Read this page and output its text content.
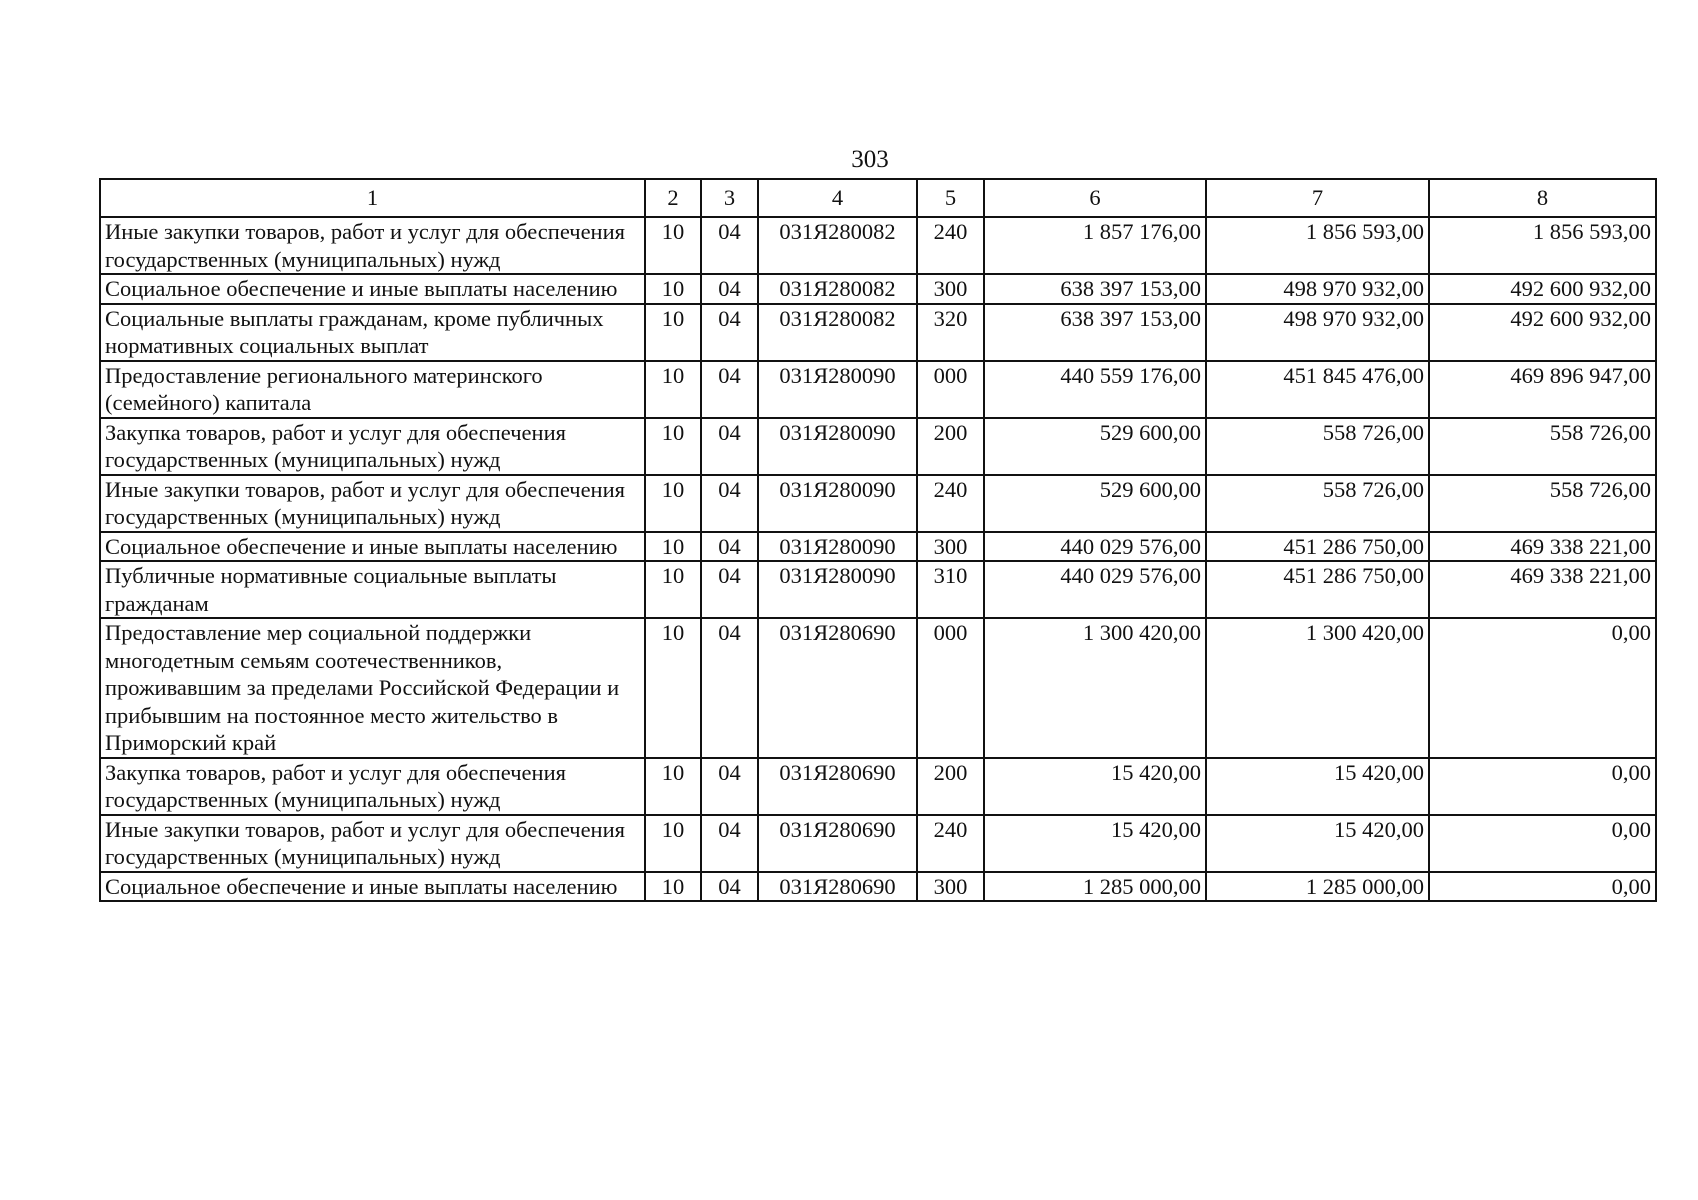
303
1	2	3	4	5	6	7	8
Иные закупки товаров, работ и услуг для обеспечения государственных (муниципальных) нужд	10	04	031Я280082	240	1 857 176,00	1 856 593,00	1 856 593,00
Социальное обеспечение и иные выплаты населению	10	04	031Я280082	300	638 397 153,00	498 970 932,00	492 600 932,00
Социальные выплаты гражданам, кроме публичных нормативных социальных выплат	10	04	031Я280082	320	638 397 153,00	498 970 932,00	492 600 932,00
Предоставление регионального материнского (семейного) капитала	10	04	031Я280090	000	440 559 176,00	451 845 476,00	469 896 947,00
Закупка товаров, работ и услуг для обеспечения государственных (муниципальных) нужд	10	04	031Я280090	200	529 600,00	558 726,00	558 726,00
Иные закупки товаров, работ и услуг для обеспечения государственных (муниципальных) нужд	10	04	031Я280090	240	529 600,00	558 726,00	558 726,00
Социальное обеспечение и иные выплаты населению	10	04	031Я280090	300	440 029 576,00	451 286 750,00	469 338 221,00
Публичные нормативные социальные выплаты гражданам	10	04	031Я280090	310	440 029 576,00	451 286 750,00	469 338 221,00
Предоставление мер социальной поддержки многодетным семьям соотечественников, проживавшим за пределами Российской Федерации и прибывшим на постоянное место жительство в Приморский край	10	04	031Я280690	000	1 300 420,00	1 300 420,00	0,00
Закупка товаров, работ и услуг для обеспечения государственных (муниципальных) нужд	10	04	031Я280690	200	15 420,00	15 420,00	0,00
Иные закупки товаров, работ и услуг для обеспечения государственных (муниципальных) нужд	10	04	031Я280690	240	15 420,00	15 420,00	0,00
Социальное обеспечение и иные выплаты населению	10	04	031Я280690	300	1 285 000,00	1 285 000,00	0,00
